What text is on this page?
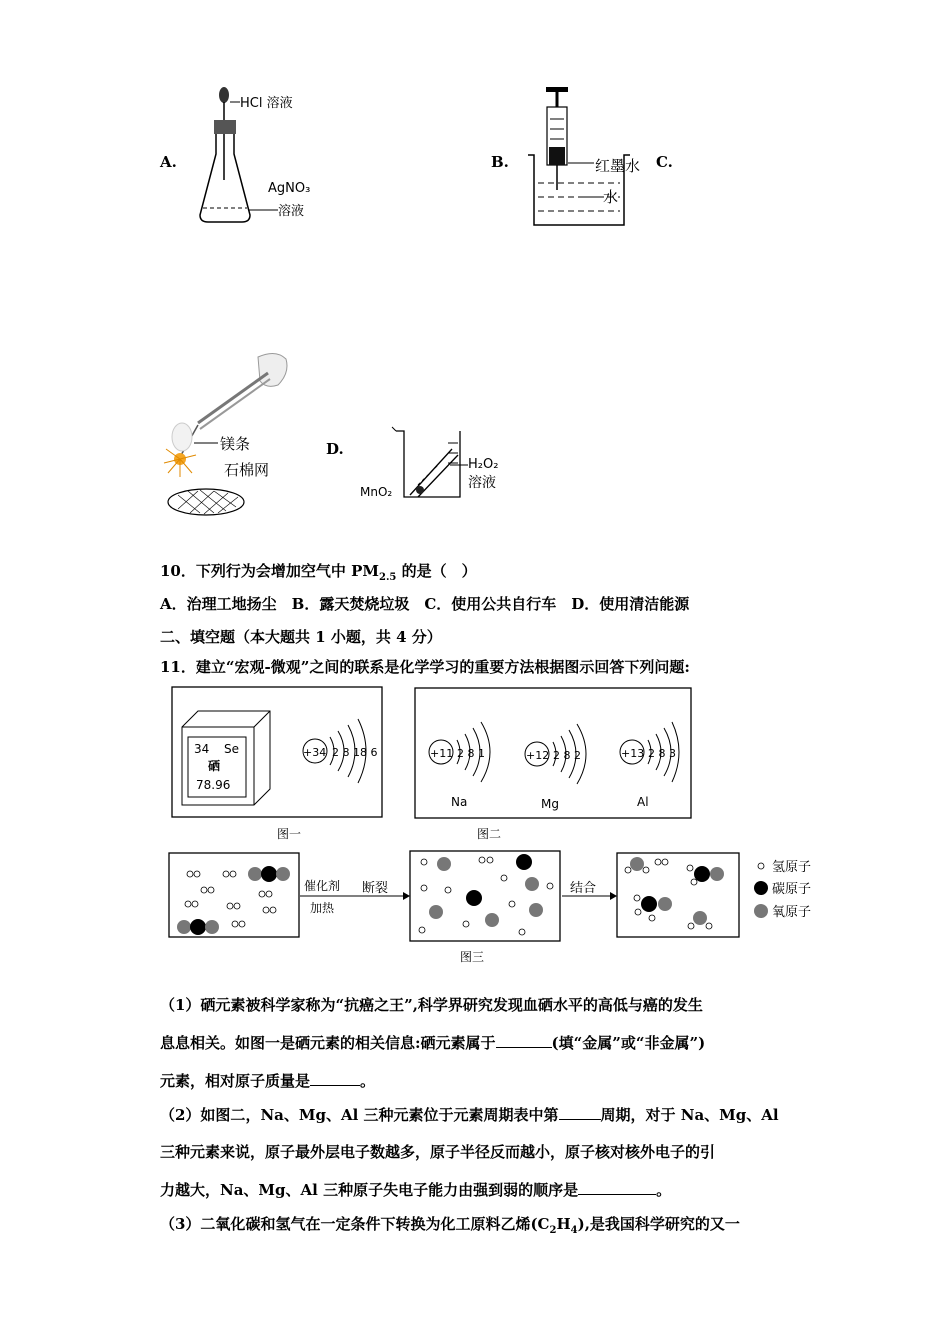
A.
HCl 溶液
AgNO₃
溶液
B.	红墨水
水
C.
镁条
石棉网
D.
MnO₂
H₂O₂
溶液
10．下列行为会增加空气中 $PM_{2.5}$ 的是（　）
A．治理工地扬尘　B．露天焚烧垃圾　C．使用公共自行车　D．使用清洁能源
二、填空题（本大题共 1 小题，共 4 分）
11．建立“宏观-微观”之间的联系是化学学习的重要方法根据图示回答下列问题:
34 Se
硒
78.96
+34 2 8 18 6
图一
+11 2 8 1
Na
+12 2 8 2
Mg
+13 2 8 3
Al
图二
催化剂
加热
断裂	结合
氢原子
碳原子
氧原子
图三
（1）硒元素被科学家称为“抗癌之王”,科学界研究发现血硒水平的高低与癌的发生
息息相关。如图一是硒元素的相关信息:硒元素属于	(填“金属”或“非金属”)
元素，相对原子质量是	。
（2）如图二，Na、Mg、Al 三种元素位于元素周期表中第	周期，对于 Na、Mg、Al
三种元素来说，原子最外层电子数越多，原子半径反而越小，原子核对核外电子的引
力越大，Na、Mg、Al 三种原子失电子能力由强到弱的顺序是	。
（3）二氧化碳和氢气在一定条件下转换为化工原料乙烯$(C_2H_4)$,是我国科学研究的又一
